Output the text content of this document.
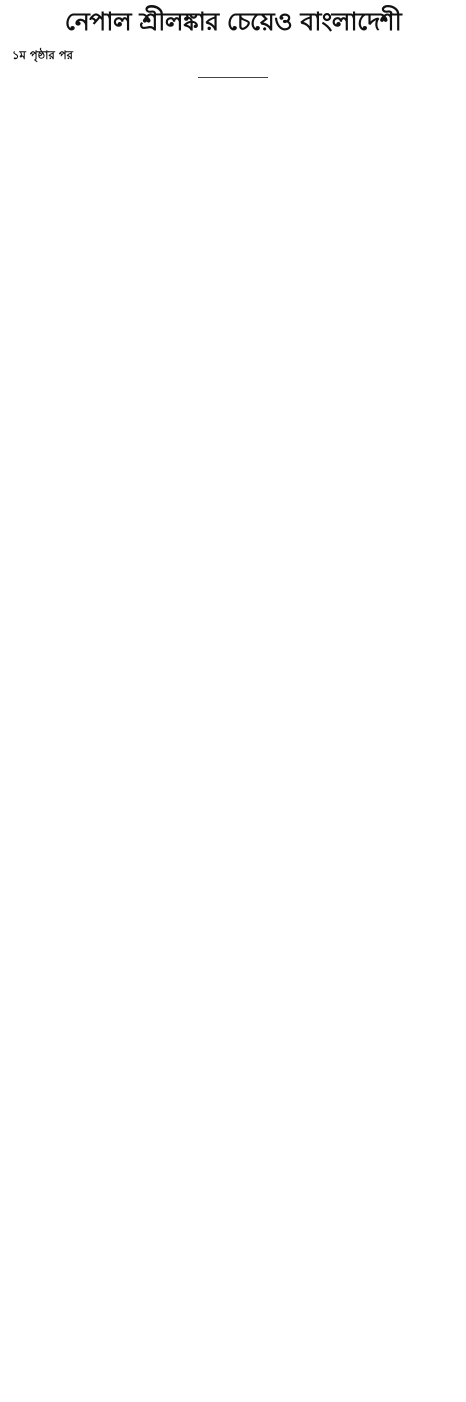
নেপাল শ্রীলঙ্কার চেয়েও বাংলাদেশী
১ম পৃষ্ঠার পর
